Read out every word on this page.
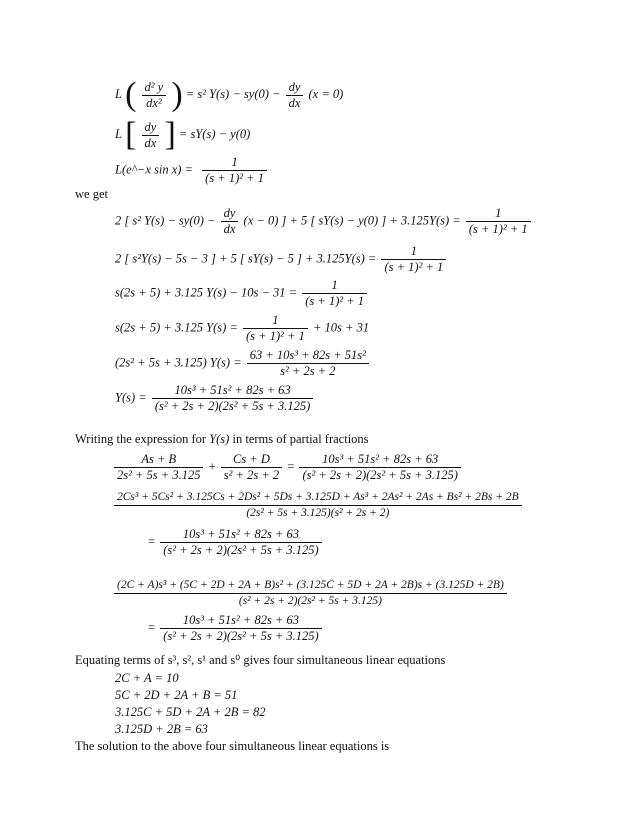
L ( $\frac{\text{d² y}}{\text{dx²}}$ ) = s² $Y(s) - sy(0) - \frac{dy}{dx} (x = 0)$
L [ $\frac{dy}{dx}$ ] = sY(s) − y(0)
L(e^−x $\sin x) = \frac{1}{\text{(s + 1)² + 1}}$
we get
2 [ s² $Y(s) - sy(0) - \frac{dy}{dx} (x - 0)$ ] + 5 [ sY(s) − y(0) ] + $3.125Y(s) = \frac{1}{\text{(s + 1)² + 1}}$
2 [ s²Y(s) − 5s − 3 ] + 5 [ sY(s) − 5 ] + $3.125Y(s) = \frac{1}{\text{(s + 1)² + 1}}$
s(2s + 5) + 3.125 $Y(s) - 10s - 31 = \frac{1}{\text{(s + 1)² + 1}}$
s(2s + 5) + 3.125 $Y(s) = \frac{1}{\text{(s + 1)² + 1}} + 10s + 31$
(2s² + 5s + 3.125) $Y(s) = \frac{\text{63 + 10s³ + 82s + 51s²}}{\text{s² + 2s + 2}}$
$Y(s) = \frac{\text{10s³ + 51s² + 82s + 63}}{\text{(s² + 2s + 2)(2s² + 5s + 3.125)}}$
Writing the expression for Y(s) in terms of partial fractions
$\frac{As + B}{\text{2s² + 5s + 3.125}} + \frac{Cs + D}{\text{s² + 2s + 2}} = \frac{\text{10s³ + 51s² + 82s + 63}}{\text{(s² + 2s + 2)(2s² + 5s + 3.125)}}$
2Cs³ + 5Cs² + 3.125Cs + 2Ds² + 5Ds + 3.125D + As³ + 2As² + 2As + Bs² + 2Bs + 2B
(2s² + 5s + 3.125)(s² + 2s + 2)
= $\frac{\text{10s³ + 51s² + 82s + 63}}{\text{(s² + 2s + 2)(2s² + 5s + 3.125)}}$
(2C + A)s³ + (5C + 2D + 2A + B)s² + (3.125C + 5D + 2A + 2B)s + (3.125D + 2B)
(s² + 2s + 2)(2s² + 5s + 3.125)
= $\frac{\text{10s³ + 51s² + 82s + 63}}{\text{(s² + 2s + 2)(2s² + 5s + 3.125)}}$
Equating terms of s³, s², s¹ and s⁰ gives four simultaneous linear equations
2C + A = 10
5C + 2D + 2A + B = 51
3.125C + 5D + 2A + 2B = 82
3.125D + 2B = 63
The solution to the above four simultaneous linear equations is
